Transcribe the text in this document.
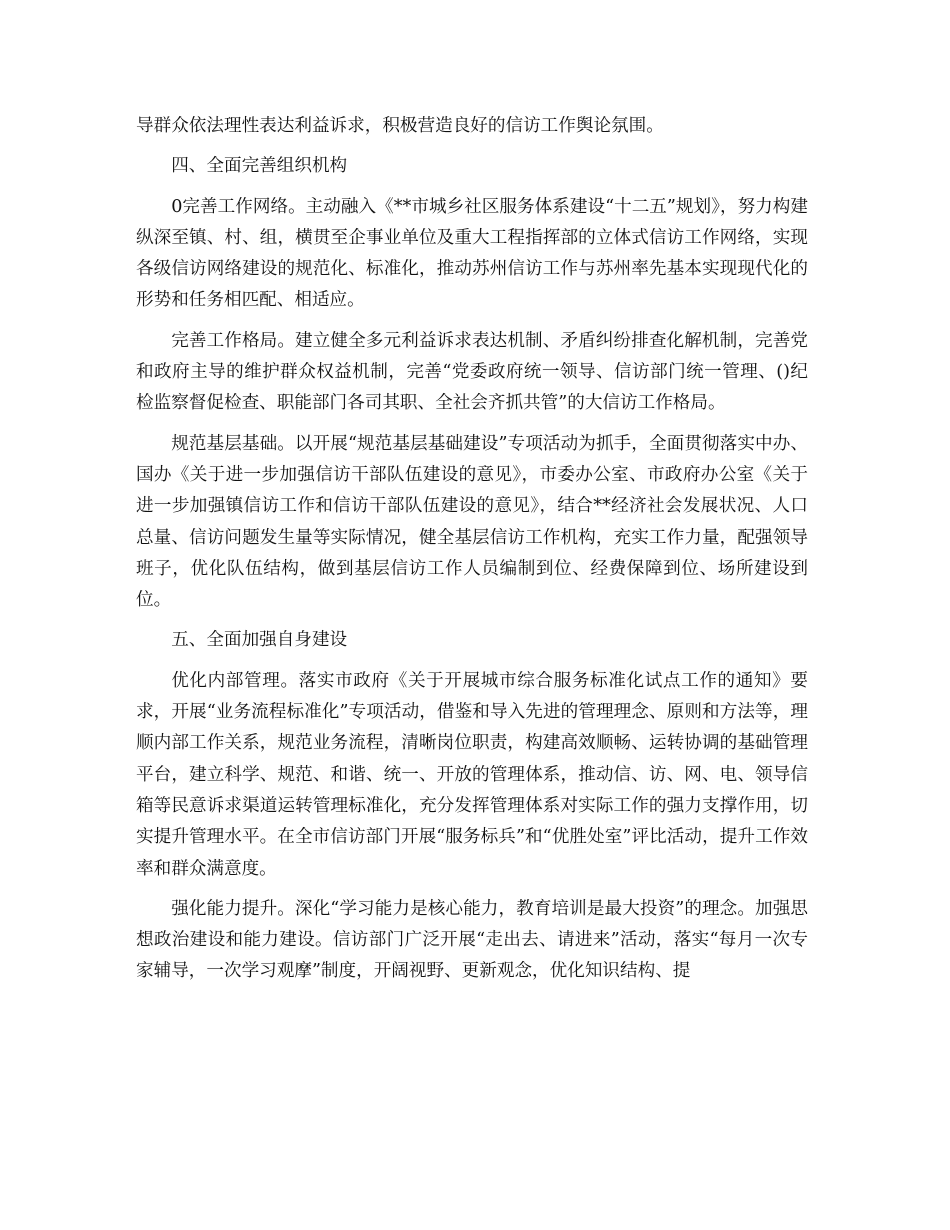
导群众依法理性表达利益诉求，积极营造良好的信访工作舆论氛围。

四、全面完善组织机构

0完善工作网络。主动融入《**市城乡社区服务体系建设“十二五”规划》，努力构建纵深至镇、村、组，横贯至企事业单位及重大工程指挥部的立体式信访工作网络，实现各级信访网络建设的规范化、标准化，推动苏州信访工作与苏州率先基本实现现代化的形势和任务相匹配、相适应。

完善工作格局。建立健全多元利益诉求表达机制、矛盾纠纷排查化解机制，完善党和政府主导的维护群众权益机制，完善“党委政府统一领导、信访部门统一管理、()纪检监察督促检查、职能部门各司其职、全社会齐抓共管”的大信访工作格局。

规范基层基础。以开展“规范基层基础建设”专项活动为抓手，全面贯彻落实中办、国办《关于进一步加强信访干部队伍建设的意见》，市委办公室、市政府办公室《关于进一步加强镇信访工作和信访干部队伍建设的意见》，结合**经济社会发展状况、人口总量、信访问题发生量等实际情况，健全基层信访工作机构，充实工作力量，配强领导班子，优化队伍结构，做到基层信访工作人员编制到位、经费保障到位、场所建设到位。

五、全面加强自身建设

优化内部管理。落实市政府《关于开展城市综合服务标准化试点工作的通知》要求，开展“业务流程标准化”专项活动，借鉴和导入先进的管理理念、原则和方法等，理顺内部工作关系，规范业务流程，清晰岗位职责，构建高效顺畅、运转协调的基础管理平台，建立科学、规范、和谐、统一、开放的管理体系，推动信、访、网、电、领导信箱等民意诉求渠道运转管理标准化，充分发挥管理体系对实际工作的强力支撑作用，切实提升管理水平。在全市信访部门开展“服务标兵”和“优胜处室”评比活动，提升工作效率和群众满意度。

强化能力提升。深化“学习能力是核心能力，教育培训是最大投资”的理念。加强思想政治建设和能力建设。信访部门广泛开展“走出去、请进来”活动，落实“每月一次专家辅导，一次学习观摩”制度，开阔视野、更新观念，优化知识结构、提
